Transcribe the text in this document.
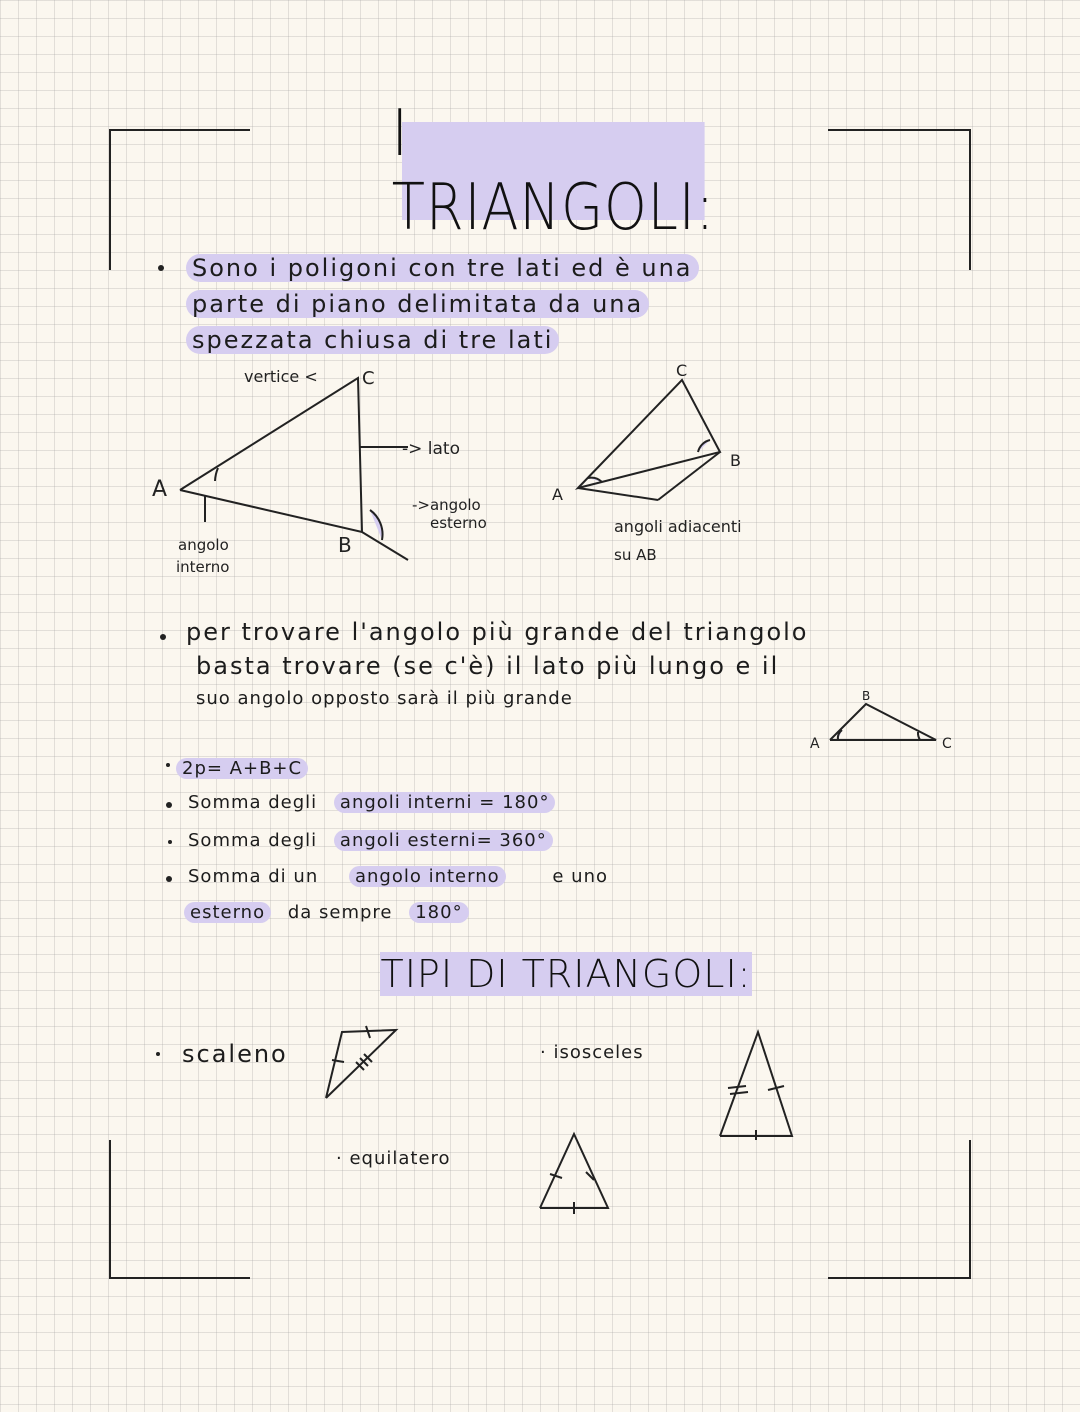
I TRIANGOLI:
Sono i poligoni con tre lati ed è una
parte di piano delimitata da una
spezzata chiusa di tre lati
vertice < C
A
B
-> lato
->angolo
esterno
angolo
interno
C
A
B
angoli adiacenti
su AB
per trovare l'angolo più grande del triangolo
basta trovare (se c'è) il lato più lungo e il
suo angolo opposto sarà il più grande
A
B
C
2p= A+B+C
Somma degli angoli interni = 180°
Somma degli angoli esterni= 360°
Somma di un angolo interno	e uno
esterno da sempre 180°
TIPI DI TRIANGOLI:
scaleno	· isosceles
· equilatero
